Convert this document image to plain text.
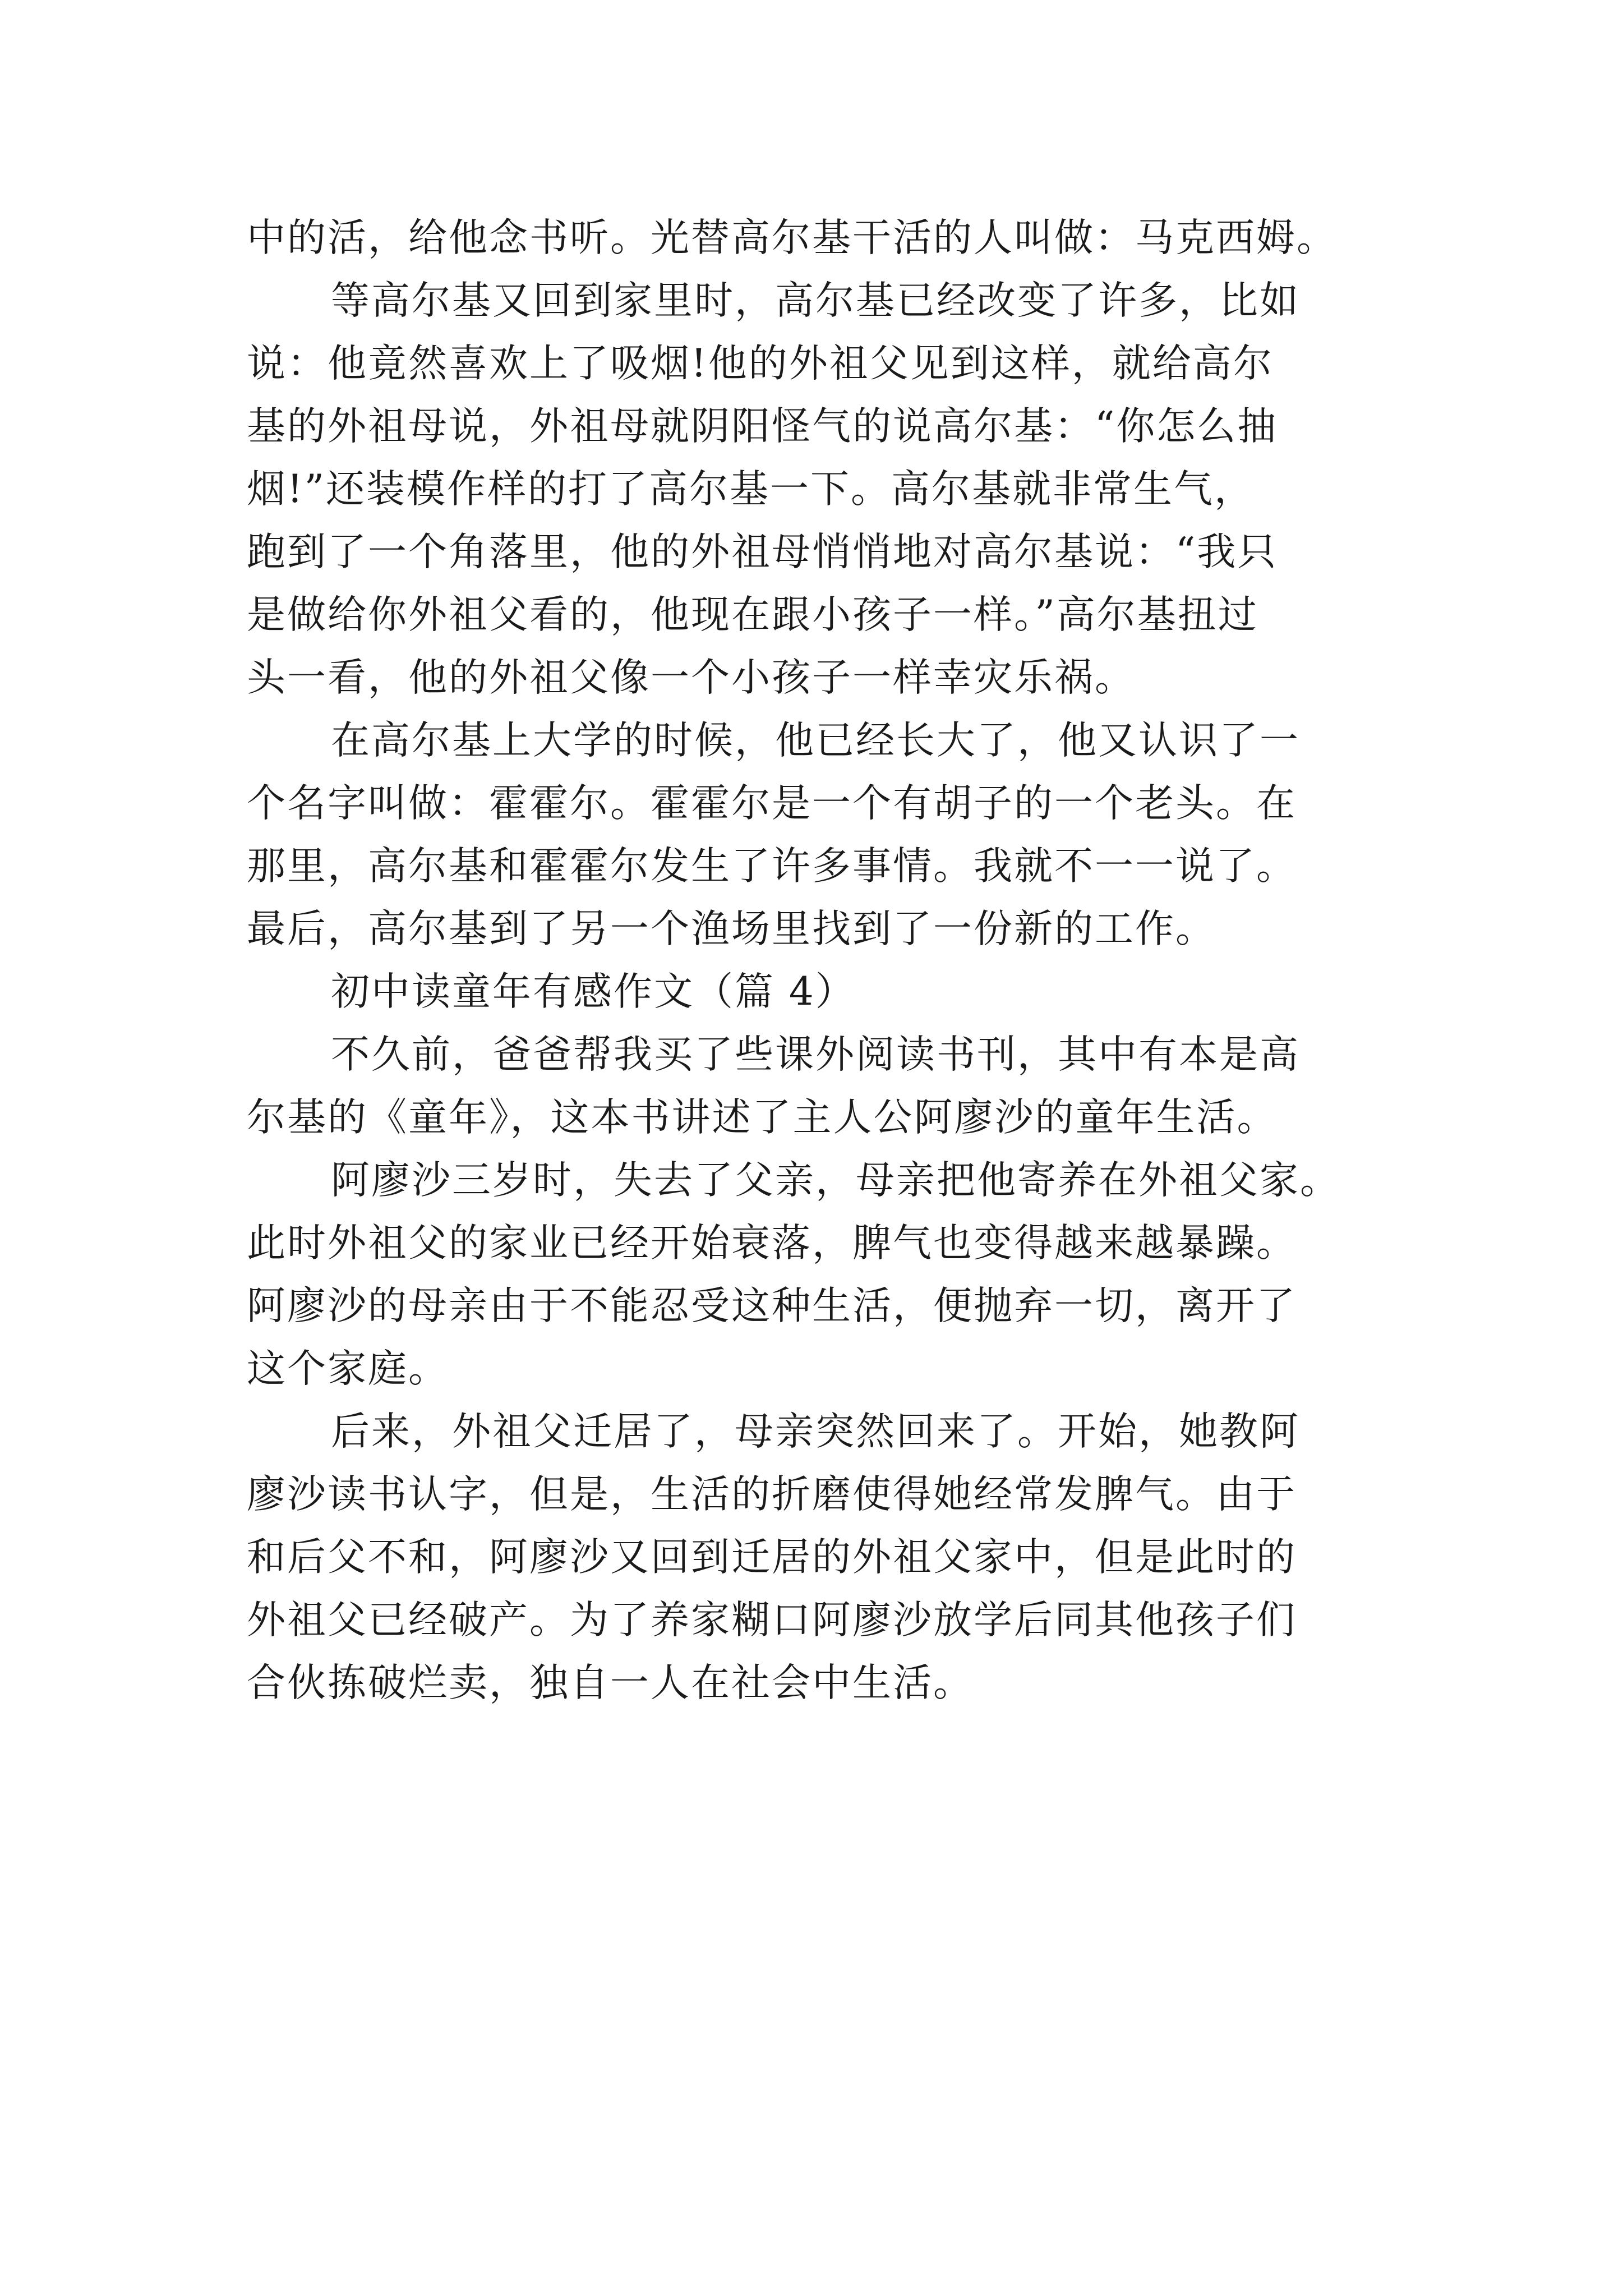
中的活，给他念书听。光替高尔基干活的人叫做：马克西姆。
等高尔基又回到家里时，高尔基已经改变了许多，比如
说：他竟然喜欢上了吸烟!他的外祖父见到这样，就给高尔
基的外祖母说，外祖母就阴阳怪气的说高尔基：“你怎么抽
烟!”还装模作样的打了高尔基一下。高尔基就非常生气，
跑到了一个角落里，他的外祖母悄悄地对高尔基说：“我只
是做给你外祖父看的，他现在跟小孩子一样。”高尔基扭过
头一看，他的外祖父像一个小孩子一样幸灾乐祸。
在高尔基上大学的时候，他已经长大了，他又认识了一
个名字叫做：霍霍尔。霍霍尔是一个有胡子的一个老头。在
那里，高尔基和霍霍尔发生了许多事情。我就不一一说了。
最后，高尔基到了另一个渔场里找到了一份新的工作。
初中读童年有感作文（篇 4）
不久前，爸爸帮我买了些课外阅读书刊，其中有本是高
尔基的《童年》，这本书讲述了主人公阿廖沙的童年生活。
阿廖沙三岁时，失去了父亲，母亲把他寄养在外祖父家。
此时外祖父的家业已经开始衰落，脾气也变得越来越暴躁。
阿廖沙的母亲由于不能忍受这种生活，便抛弃一切，离开了
这个家庭。
后来，外祖父迁居了，母亲突然回来了。开始，她教阿
廖沙读书认字，但是，生活的折磨使得她经常发脾气。由于
和后父不和，阿廖沙又回到迁居的外祖父家中，但是此时的
外祖父已经破产。为了养家糊口阿廖沙放学后同其他孩子们
合伙拣破烂卖，独自一人在社会中生活。
